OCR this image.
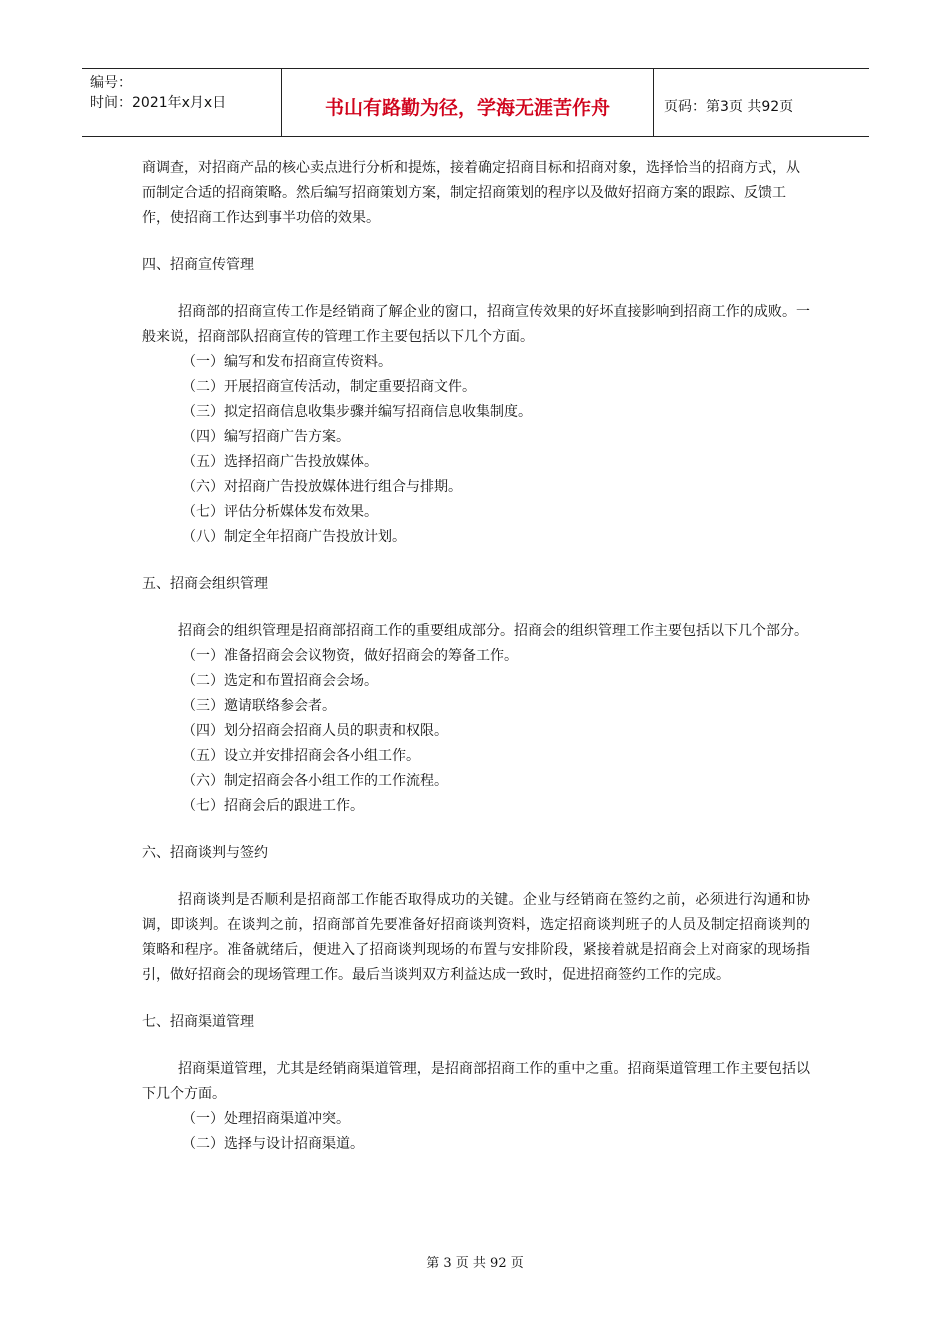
编号：
时间：2021年x月x日	书山有路勤为径，学海无涯苦作舟	页码：第3页 共92页

商调查，对招商产品的核心卖点进行分析和提炼，接着确定招商目标和招商对象，选择恰当的招商方式，从而制定合适的招商策略。然后编写招商策划方案，制定招商策划的程序以及做好招商方案的跟踪、反馈工作，使招商工作达到事半功倍的效果。

四、招商宣传管理

招商部的招商宣传工作是经销商了解企业的窗口，招商宣传效果的好坏直接影响到招商工作的成败。一般来说，招商部队招商宣传的管理工作主要包括以下几个方面。

（一）编写和发布招商宣传资料。

（二）开展招商宣传活动，制定重要招商文件。

（三）拟定招商信息收集步骤并编写招商信息收集制度。

（四）编写招商广告方案。

（五）选择招商广告投放媒体。

（六）对招商广告投放媒体进行组合与排期。

（七）评估分析媒体发布效果。

（八）制定全年招商广告投放计划。

五、招商会组织管理

招商会的组织管理是招商部招商工作的重要组成部分。招商会的组织管理工作主要包括以下几个部分。

（一）准备招商会会议物资，做好招商会的筹备工作。

（二）选定和布置招商会会场。

（三）邀请联络参会者。

（四）划分招商会招商人员的职责和权限。

（五）设立并安排招商会各小组工作。

（六）制定招商会各小组工作的工作流程。

（七）招商会后的跟进工作。

六、招商谈判与签约

招商谈判是否顺利是招商部工作能否取得成功的关键。企业与经销商在签约之前，必须进行沟通和协调，即谈判。在谈判之前，招商部首先要准备好招商谈判资料，选定招商谈判班子的人员及制定招商谈判的策略和程序。准备就绪后，便进入了招商谈判现场的布置与安排阶段，紧接着就是招商会上对商家的现场指引，做好招商会的现场管理工作。最后当谈判双方利益达成一致时，促进招商签约工作的完成。

七、招商渠道管理

招商渠道管理，尤其是经销商渠道管理，是招商部招商工作的重中之重。招商渠道管理工作主要包括以下几个方面。

（一）处理招商渠道冲突。

（二）选择与设计招商渠道。

第 3 页 共 92 页
